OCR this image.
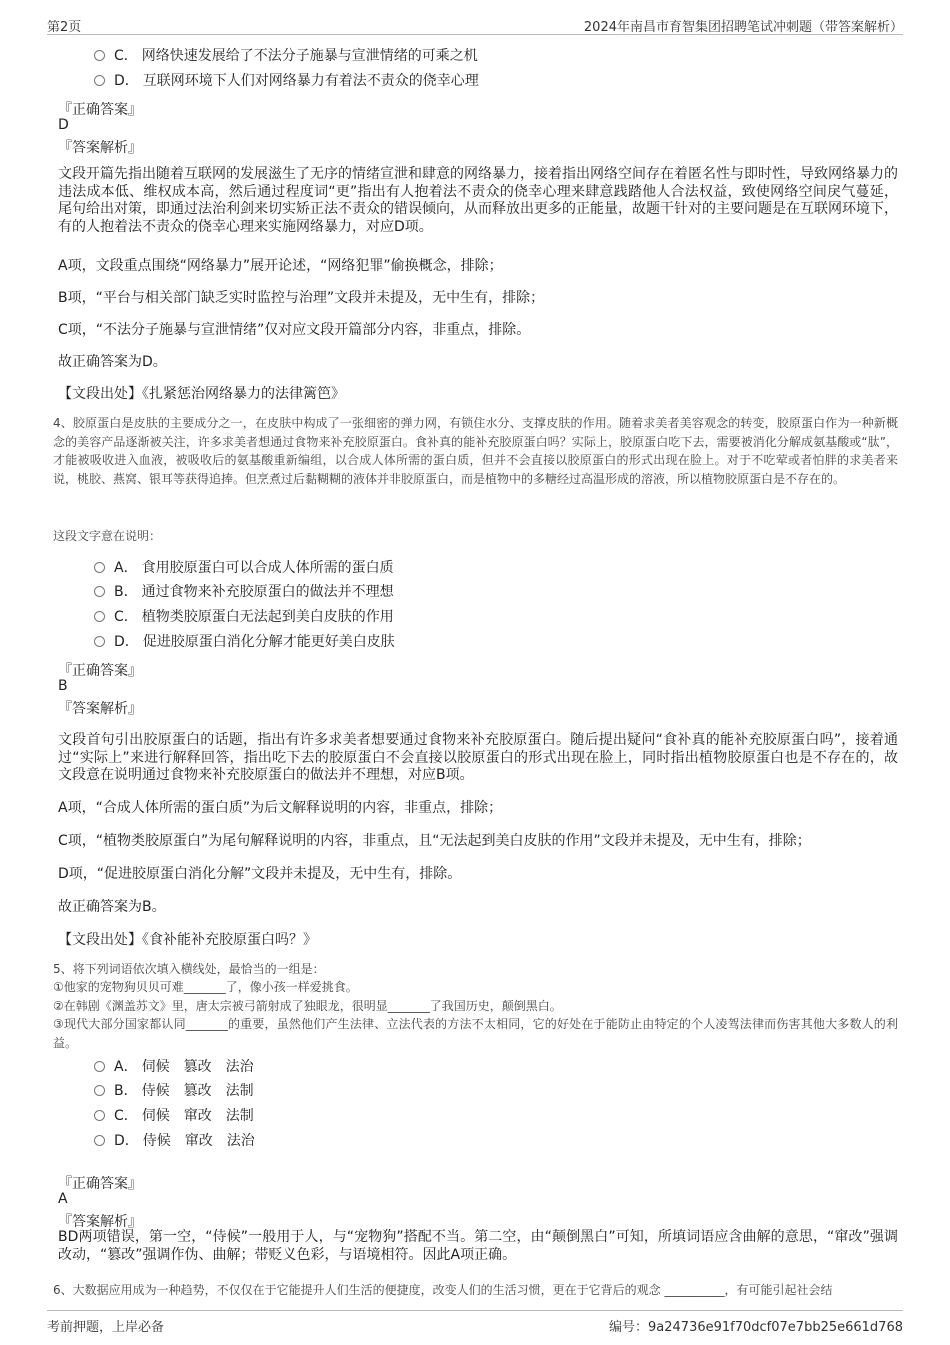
第2页	2024年南昌市育智集团招聘笔试冲刺题（带答案解析）
C． 网络快速发展给了不法分子施暴与宣泄情绪的可乘之机
D． 互联网环境下人们对网络暴力有着法不责众的侥幸心理
『正确答案』
D
『答案解析』
文段开篇先指出随着互联网的发展滋生了无序的情绪宣泄和肆意的网络暴力，接着指出网络空间存在着匿名性与即时性，导致网络暴力的违法成本低、维权成本高，然后通过程度词“更”指出有人抱着法不责众的侥幸心理来肆意践踏他人合法权益，致使网络空间戾气蔓延，尾句给出对策，即通过法治利剑来切实矫正法不责众的错误倾向，从而释放出更多的正能量，故题干针对的主要问题是在互联网环境下，有的人抱着法不责众的侥幸心理来实施网络暴力，对应D项。
A项，文段重点围绕“网络暴力”展开论述，“网络犯罪”偷换概念，排除；
B项，“平台与相关部门缺乏实时监控与治理”文段并未提及，无中生有，排除；
C项，“不法分子施暴与宣泄情绪”仅对应文段开篇部分内容，非重点，排除。
故正确答案为D。
【文段出处】《扎紧惩治网络暴力的法律篱笆》
4、胶原蛋白是皮肤的主要成分之一，在皮肤中构成了一张细密的弹力网，有锁住水分、支撑皮肤的作用。随着求美者美容观念的转变，胶原蛋白作为一种新概念的美容产品逐渐被关注，许多求美者想通过食物来补充胶原蛋白。食补真的能补充胶原蛋白吗？实际上，胶原蛋白吃下去，需要被消化分解成氨基酸或“肽”，才能被吸收进入血液，被吸收后的氨基酸重新编组，以合成人体所需的蛋白质，但并不会直接以胶原蛋白的形式出现在脸上。对于不吃荤或者怕胖的求美者来说，桃胶、燕窝、银耳等获得追捧。但烹煮过后黏糊糊的液体并非胶原蛋白，而是植物中的多糖经过高温形成的溶液，所以植物胶原蛋白是不存在的。
这段文字意在说明：
A． 食用胶原蛋白可以合成人体所需的蛋白质
B． 通过食物来补充胶原蛋白的做法并不理想
C． 植物类胶原蛋白无法起到美白皮肤的作用
D． 促进胶原蛋白消化分解才能更好美白皮肤
『正确答案』
B
『答案解析』
文段首句引出胶原蛋白的话题，指出有许多求美者想要通过食物来补充胶原蛋白。随后提出疑问“食补真的能补充胶原蛋白吗”，接着通过“实际上”来进行解释回答，指出吃下去的胶原蛋白不会直接以胶原蛋白的形式出现在脸上，同时指出植物胶原蛋白也是不存在的，故文段意在说明通过食物来补充胶原蛋白的做法并不理想，对应B项。
A项，“合成人体所需的蛋白质”为后文解释说明的内容，非重点，排除；
C项，“植物类胶原蛋白”为尾句解释说明的内容，非重点，且“无法起到美白皮肤的作用”文段并未提及，无中生有，排除；
D项，“促进胶原蛋白消化分解”文段并未提及，无中生有，排除。
故正确答案为B。
【文段出处】《食补能补充胶原蛋白吗？》
5、将下列词语依次填入横线处，最恰当的一组是：
①他家的宠物狗贝贝可难_______了，像小孩一样爱挑食。
②在韩剧《渊盖苏文》里，唐太宗被弓箭射成了独眼龙，很明显_______了我国历史，颠倒黑白。
③现代大部分国家都认同_______的重要，虽然他们产生法律、立法代表的方法不太相同，它的好处在于能防止由特定的个人凌驾法律而伤害其他大多数人的利益。
A． 伺候 篡改 法治
B． 侍候 篡改 法制
C． 伺候 窜改 法制
D． 侍候 窜改 法治
『正确答案』
A
『答案解析』
BD两项错误，第一空，“侍候”一般用于人，与“宠物狗”搭配不当。第二空，由“颠倒黑白”可知，所填词语应含曲解的意思，“窜改”强调改动，“篡改”强调作伪、曲解；带贬义色彩，与语境相符。因此A项正确。
6、大数据应用成为一种趋势，不仅仅在于它能提升人们生活的便捷度，改变人们的生活习惯，更在于它背后的观念 __________，有可能引起社会结
考前押题，上岸必备	编号：9a24736e91f70dcf07e7bb25e661d768
